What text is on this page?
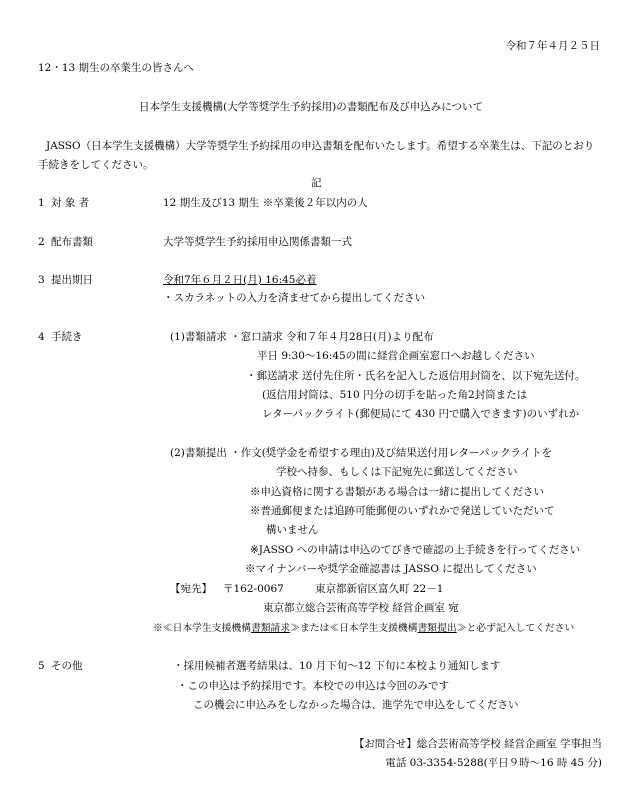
令和７年４月２５日
12・13 期生の卒業生の皆さんへ
日本学生支援機構(大学等奨学生予約採用)の書類配布及び申込みについて
JASSO（日本学生支援機構）大学等奨学生予約採用の申込書類を配布いたします。希望する卒業生は、下記のとおり
手続きをしてください。
記
1 対 象 者	12 期生及び13 期生 ※卒業後２年以内の人
2 配布書類	大学等奨学生予約採用申込関係書類一式
3 提出期日	令和7年６月２日(月) 16:45必着
・スカラネットの入力を済ませてから提出してください
4 手続き	(1)書類請求 ・窓口請求 令和７年４月28日(月)より配布
平日 9:30～16:45の間に経営企画室窓口へお越しください
・郵送請求 送付先住所・氏名を記入した返信用封筒を、以下宛先送付。
(返信用封筒は、510 円分の切手を貼った角2封筒または
レターパックライト(郵便局にて 430 円で購入できます)のいずれか
(2)書類提出 ・作文(奨学金を希望する理由)及び結果送付用レターパックライトを
学校へ持参、もしくは下記宛先に郵送してください
※申込資格に関する書類がある場合は一緒に提出してください
※普通郵便または追跡可能郵便のいずれかで発送していただいて
構いません
※JASSO への申請は申込のてびきで確認の上手続きを行ってください
※マイナンバーや奨学金確認書は JASSO に提出してください
【宛先】 〒162-0067	東京都新宿区富久町 22－1
東京都立総合芸術高等学校 経営企画室 宛
※≪日本学生支援機構書類請求≫または≪日本学生支援機構書類提出≫と必ず記入してください
5 その他	・採用候補者選考結果は、10 月下旬～12 下旬に本校より通知します
・この申込は予約採用です。本校での申込は今回のみです
この機会に申込みをしなかった場合は、進学先で申込をしてください
【お問合せ】総合芸術高等学校 経営企画室 学事担当
電話 03-3354-5288(平日９時～16 時 45 分)
